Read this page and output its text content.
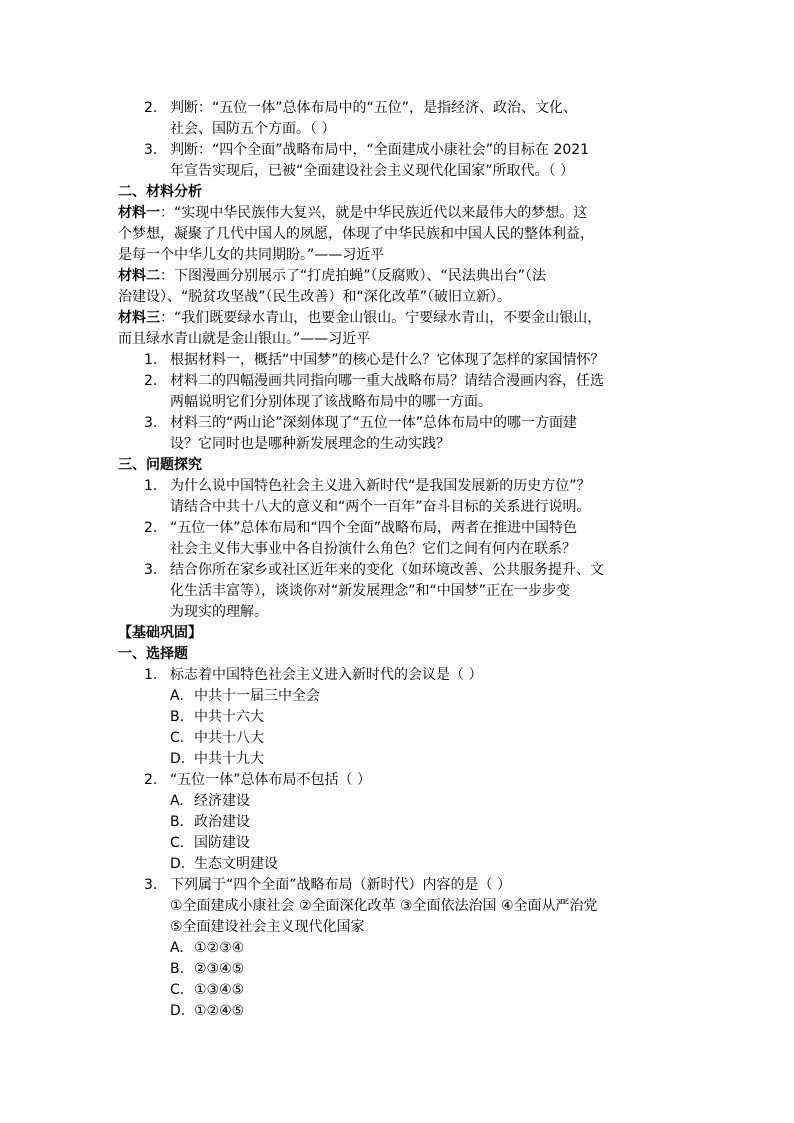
2. 判断：“五位一体”总体布局中的“五位”，是指经济、政治、文化、
社会、国防五个方面。（ ）
3. 判断：“四个全面”战略布局中，“全面建成小康社会”的目标在 2021
年宣告实现后，已被“全面建设社会主义现代化国家”所取代。（ ）
二、材料分析
材料一：“实现中华民族伟大复兴，就是中华民族近代以来最伟大的梦想。这
个梦想，凝聚了几代中国人的夙愿，体现了中华民族和中国人民的整体利益，
是每一个中华儿女的共同期盼。”——习近平
材料二：下图漫画分别展示了“打虎拍蝇”（反腐败）、“民法典出台”（法
治建设）、“脱贫攻坚战”（民生改善）和“深化改革”（破旧立新）。
材料三：“我们既要绿水青山，也要金山银山。宁要绿水青山，不要金山银山，
而且绿水青山就是金山银山。”——习近平
1. 根据材料一，概括“中国梦”的核心是什么？它体现了怎样的家国情怀？
2. 材料二的四幅漫画共同指向哪一重大战略布局？请结合漫画内容，任选
两幅说明它们分别体现了该战略布局中的哪一方面。
3. 材料三的“两山论”深刻体现了“五位一体”总体布局中的哪一方面建
设？它同时也是哪种新发展理念的生动实践？
三、问题探究
1. 为什么说中国特色社会主义进入新时代“是我国发展新的历史方位”？
请结合中共十八大的意义和“两个一百年”奋斗目标的关系进行说明。
2. “五位一体”总体布局和“四个全面”战略布局，两者在推进中国特色
社会主义伟大事业中各自扮演什么角色？它们之间有何内在联系？
3. 结合你所在家乡或社区近年来的变化（如环境改善、公共服务提升、文
化生活丰富等），谈谈你对“新发展理念”和“中国梦”正在一步步变
为现实的理解。
【基础巩固】
一、选择题
1. 标志着中国特色社会主义进入新时代的会议是（ ）
A. 中共十一届三中全会
B. 中共十六大
C. 中共十八大
D. 中共十九大
2. “五位一体”总体布局不包括（ ）
A. 经济建设
B. 政治建设
C. 国防建设
D. 生态文明建设
3. 下列属于“四个全面”战略布局（新时代）内容的是（ ）
①全面建成小康社会 ②全面深化改革 ③全面依法治国 ④全面从严治党
⑤全面建设社会主义现代化国家
A. ①②③④
B. ②③④⑤
C. ①③④⑤
D. ①②④⑤
